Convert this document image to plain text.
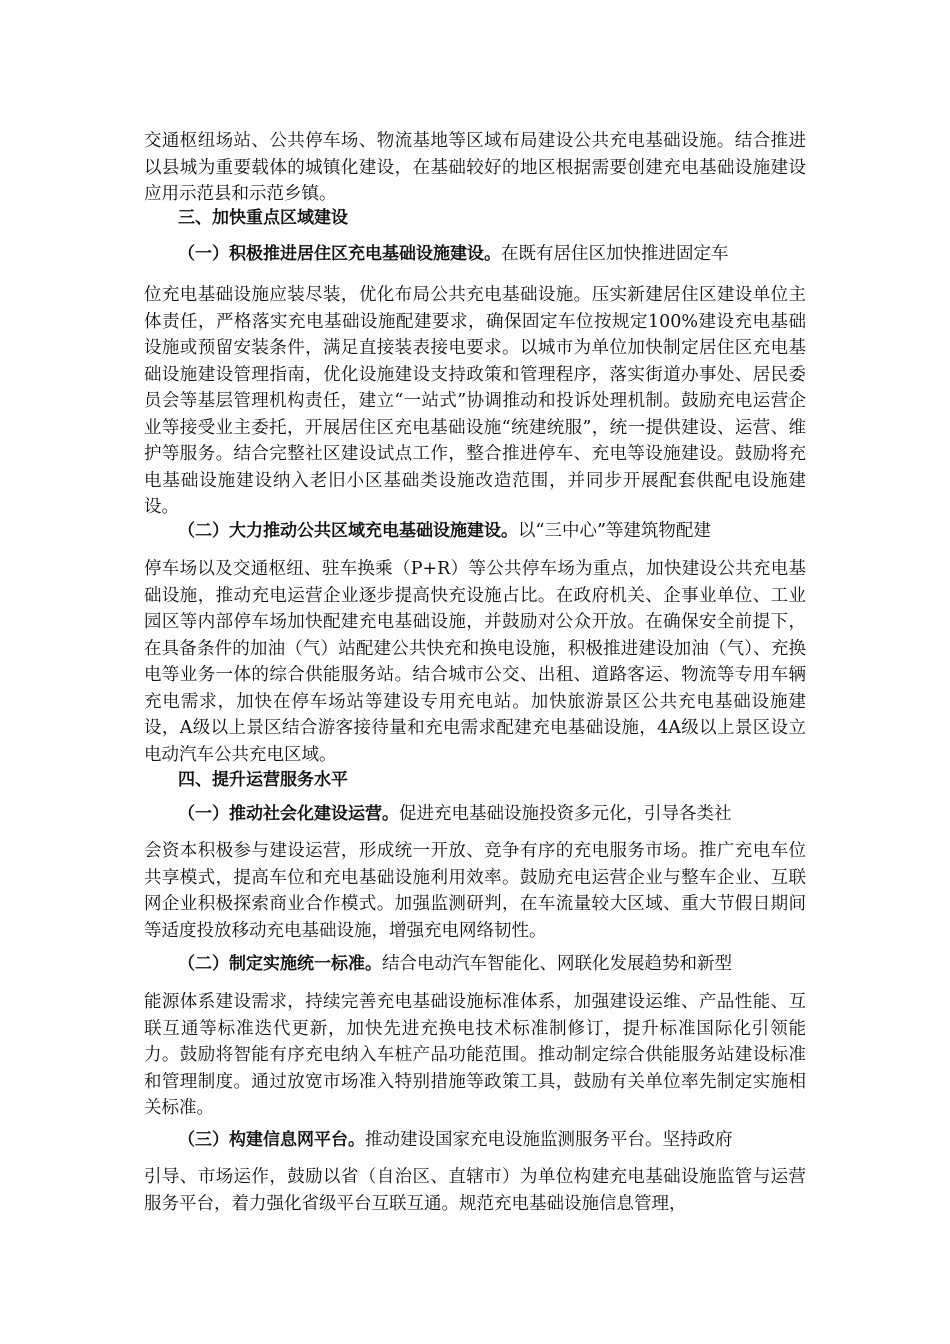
交通枢纽场站、公共停车场、物流基地等区域布局建设公共充电基础设施。结合推进以县城为重要载体的城镇化建设，在基础较好的地区根据需要创建充电基础设施建设应用示范县和示范乡镇。
三、加快重点区域建设
（一）积极推进居住区充电基础设施建设。在既有居住区加快推进固定车
位充电基础设施应装尽装，优化布局公共充电基础设施。压实新建居住区建设单位主体责任，严格落实充电基础设施配建要求，确保固定车位按规定100%建设充电基础设施或预留安装条件，满足直接装表接电要求。以城市为单位加快制定居住区充电基础设施建设管理指南，优化设施建设支持政策和管理程序，落实街道办事处、居民委员会等基层管理机构责任，建立“一站式”协调推动和投诉处理机制。鼓励充电运营企业等接受业主委托，开展居住区充电基础设施“统建统服”，统一提供建设、运营、维护等服务。结合完整社区建设试点工作，整合推进停车、充电等设施建设。鼓励将充电基础设施建设纳入老旧小区基础类设施改造范围，并同步开展配套供配电设施建设。
（二）大力推动公共区域充电基础设施建设。以“三中心”等建筑物配建
停车场以及交通枢纽、驻车换乘（P+R）等公共停车场为重点，加快建设公共充电基础设施，推动充电运营企业逐步提高快充设施占比。在政府机关、企事业单位、工业园区等内部停车场加快配建充电基础设施，并鼓励对公众开放。在确保安全前提下，在具备条件的加油（气）站配建公共快充和换电设施，积极推进建设加油（气）、充换电等业务一体的综合供能服务站。结合城市公交、出租、道路客运、物流等专用车辆充电需求，加快在停车场站等建设专用充电站。加快旅游景区公共充电基础设施建设，A级以上景区结合游客接待量和充电需求配建充电基础设施，4A级以上景区设立电动汽车公共充电区域。
四、提升运营服务水平
（一）推动社会化建设运营。促进充电基础设施投资多元化，引导各类社
会资本积极参与建设运营，形成统一开放、竞争有序的充电服务市场。推广充电车位共享模式，提高车位和充电基础设施利用效率。鼓励充电运营企业与整车企业、互联网企业积极探索商业合作模式。加强监测研判，在车流量较大区域、重大节假日期间等适度投放移动充电基础设施，增强充电网络韧性。
（二）制定实施统一标准。结合电动汽车智能化、网联化发展趋势和新型
能源体系建设需求，持续完善充电基础设施标准体系，加强建设运维、产品性能、互联互通等标准迭代更新，加快先进充换电技术标准制修订，提升标准国际化引领能力。鼓励将智能有序充电纳入车桩产品功能范围。推动制定综合供能服务站建设标准和管理制度。通过放宽市场准入特别措施等政策工具，鼓励有关单位率先制定实施相关标准。
（三）构建信息网平台。推动建设国家充电设施监测服务平台。坚持政府
引导、市场运作，鼓励以省（自治区、直辖市）为单位构建充电基础设施监管与运营服务平台，着力强化省级平台互联互通。规范充电基础设施信息管理，
